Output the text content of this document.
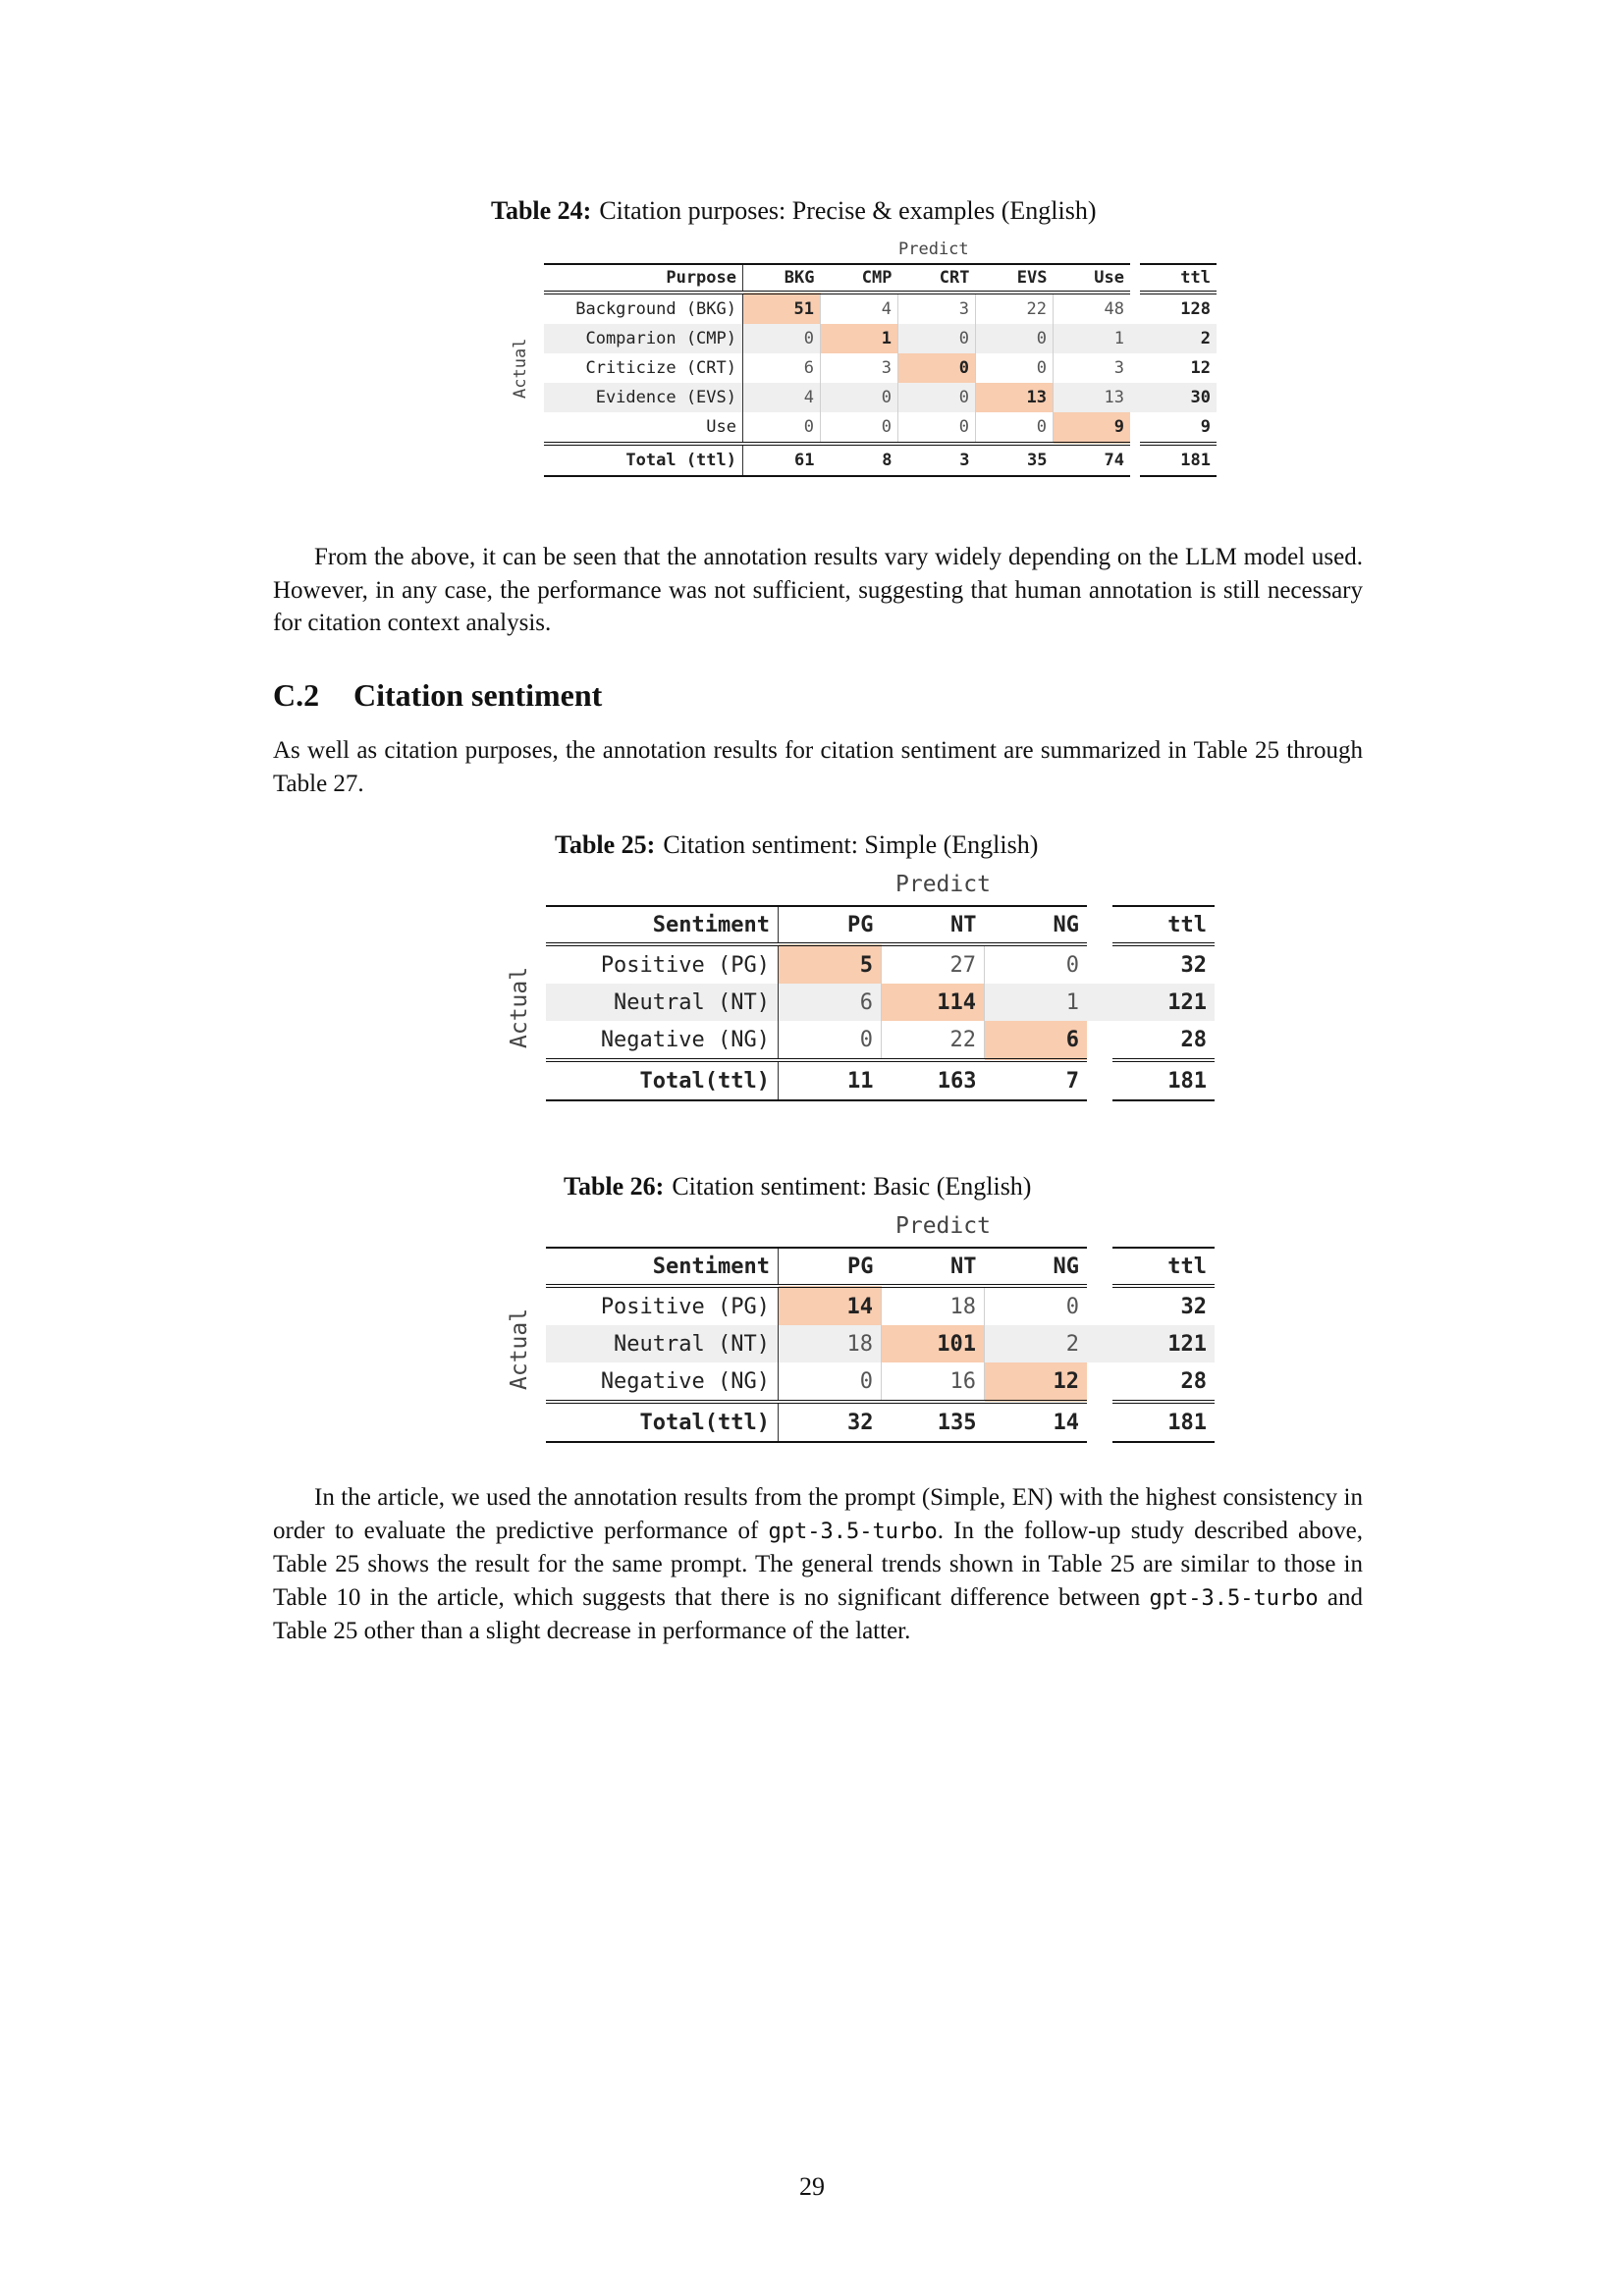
Table 24: Citation purposes: Precise & examples (English)
Predict
Actual
Purpose	BKG	CMP	CRT	EVS	Use		ttl
Background (BKG)	51	4	3	22	48		128
Comparion (CMP)	0	1	0	0	1		2
Criticize (CRT)	6	3	0	0	3		12
Evidence (EVS)	4	0	0	13	13		30
Use	0	0	0	0	9		9
Total (ttl)	61	8	3	35	74		181
From the above, it can be seen that the annotation results vary widely depending on the LLM model used. However, in any case, the performance was not sufficient, suggesting that human annotation is still necessary for citation context analysis.
C.2 Citation sentiment
As well as citation purposes, the annotation results for citation sentiment are summarized in Table 25 through Table 27.
Table 25: Citation sentiment: Simple (English)
Predict
Actual
Sentiment	PG	NT	NG		ttl
Positive (PG)	5	27	0		32
Neutral (NT)	6	114	1		121
Negative (NG)	0	22	6		28
Total(ttl)	11	163	7		181
Table 26: Citation sentiment: Basic (English)
Predict
Actual
Sentiment	PG	NT	NG		ttl
Positive (PG)	14	18	0		32
Neutral (NT)	18	101	2		121
Negative (NG)	0	16	12		28
Total(ttl)	32	135	14		181
In the article, we used the annotation results from the prompt (Simple, EN) with the highest consistency in order to evaluate the predictive performance of gpt-3.5-turbo. In the follow-up study described above, Table 25 shows the result for the same prompt. The general trends shown in Table 25 are similar to those in Table 10 in the article, which suggests that there is no significant difference between gpt-3.5-turbo and Table 25 other than a slight decrease in performance of the latter.
29
